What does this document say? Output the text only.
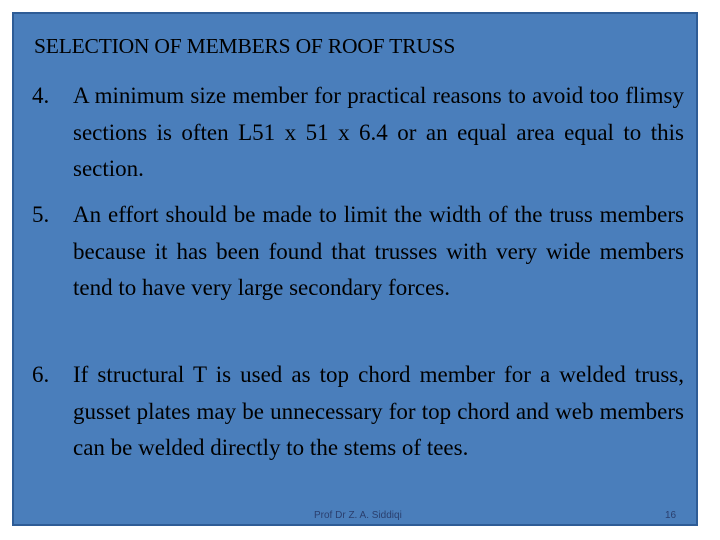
SELECTION OF MEMBERS OF ROOF TRUSS
4. A minimum size member for practical reasons to avoid too flimsy sections is often L51 x 51 x 6.4 or an equal area equal to this section.
5. An effort should be made to limit the width of the truss members because it has been found that trusses with very wide members tend to have very large secondary forces.
6. If structural T is used as top chord member for a welded truss, gusset plates may be unnecessary for top chord and web members can be welded directly to the stems of tees.
Prof Dr Z. A. Siddiqi	16
